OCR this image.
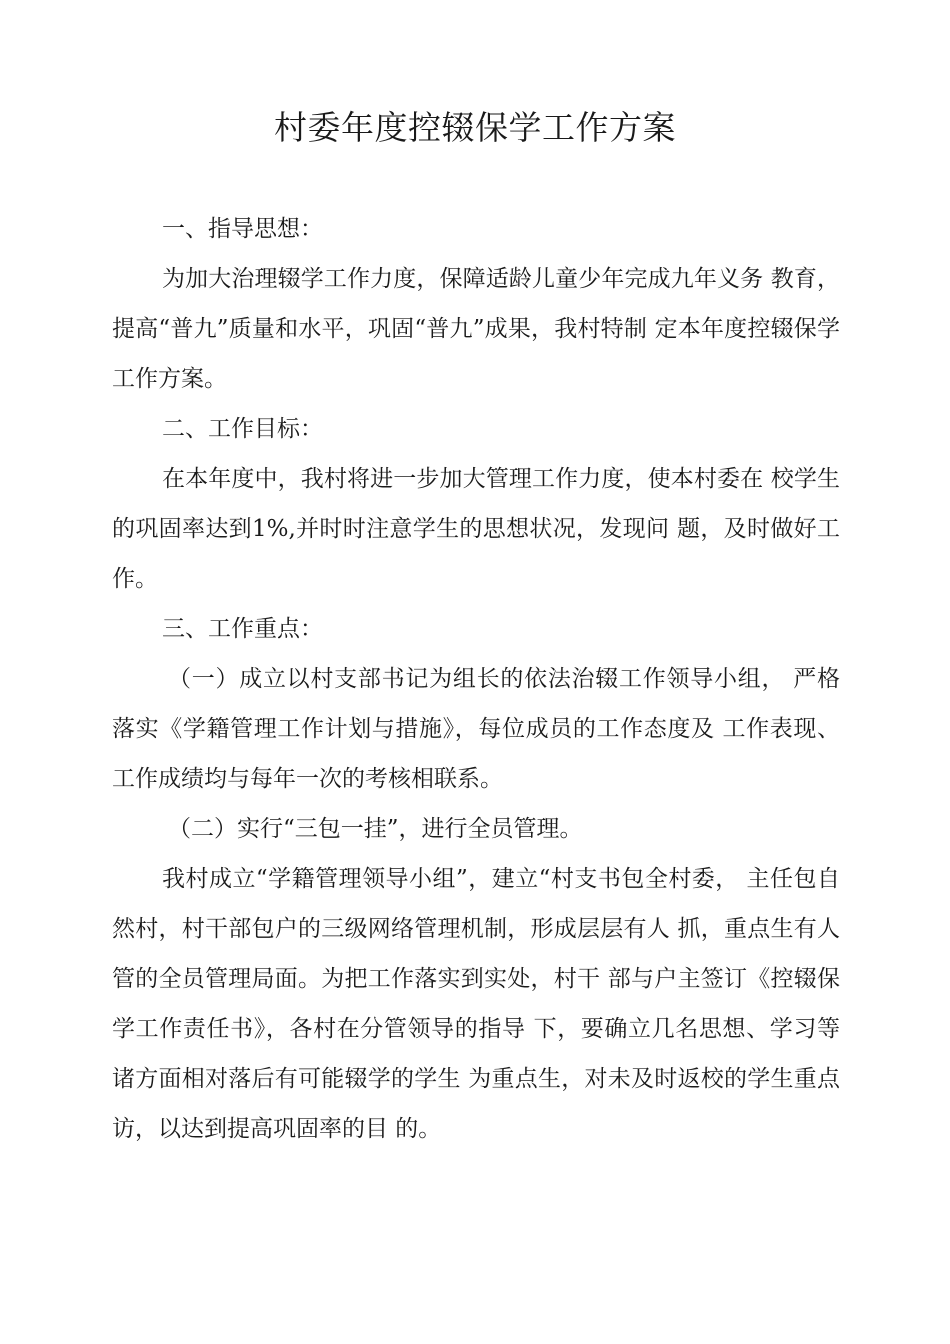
村委年度控辍保学工作方案

一、指导思想：

为加大治理辍学工作力度，保障适龄儿童少年完成九年义务 教育，提高“普九”质量和水平，巩固“普九”成果，我村特制 定本年度控辍保学工作方案。

二、工作目标：

在本年度中，我村将进一步加大管理工作力度，使本村委在 校学生的巩固率达到1%,并时时注意学生的思想状况，发现问 题，及时做好工作。

三、工作重点：

（一）成立以村支部书记为组长的依法治辍工作领导小组， 严格落实《学籍管理工作计划与措施》，每位成员的工作态度及 工作表现、工作成绩均与每年一次的考核相联系。

（二）实行“三包一挂”，进行全员管理。

我村成立“学籍管理领导小组”，建立“村支书包全村委， 主任包自然村，村干部包户的三级网络管理机制，形成层层有人 抓，重点生有人管的全员管理局面。为把工作落实到实处，村干 部与户主签订《控辍保学工作责任书》，各村在分管领导的指导 下，要确立几名思想、学习等诸方面相对落后有可能辍学的学生 为重点生，对未及时返校的学生重点访，以达到提高巩固率的目 的。
